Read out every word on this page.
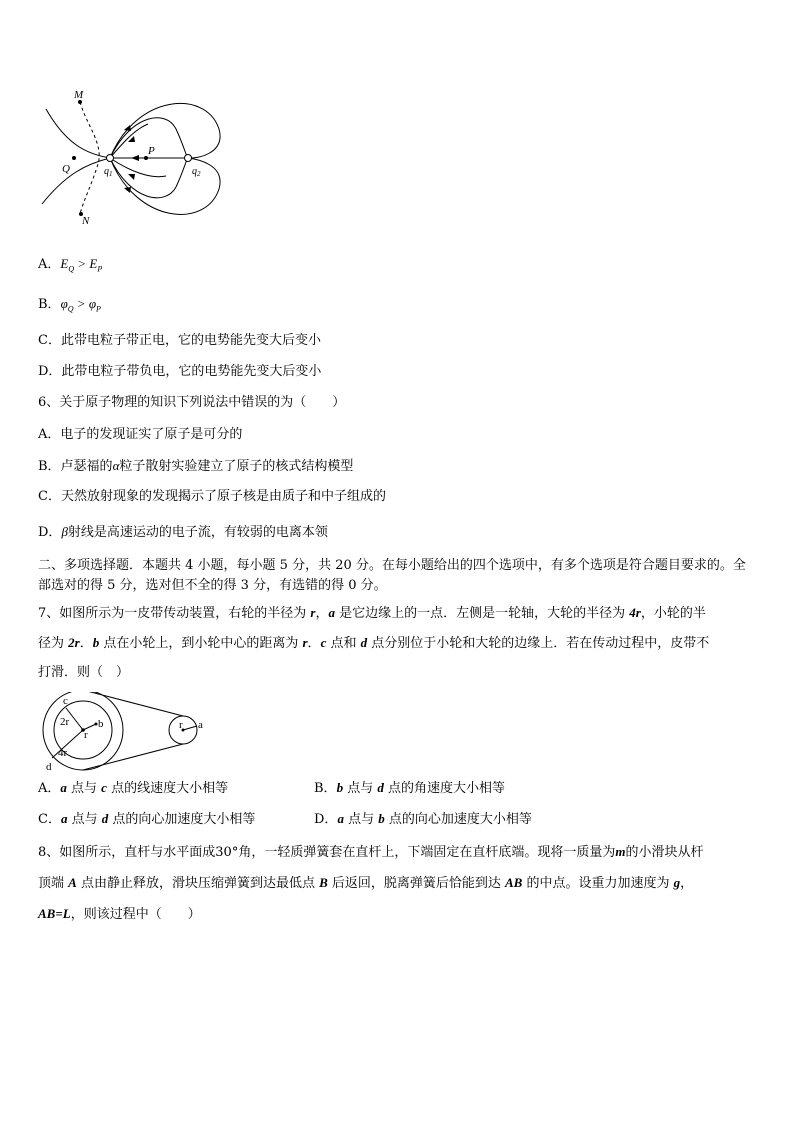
M
Q
P
N
$q_1$	$q_2$
A．$E_Q > E_P$
B．$\varphi_Q > \varphi_P$
C．此带电粒子带正电，它的电势能先变大后变小
D．此带电粒子带负电，它的电势能先变大后变小
6、关于原子物理的知识下列说法中错误的为（　　）
A．电子的发现证实了原子是可分的
B．卢瑟福的α粒子散射实验建立了原子的核式结构模型
C．天然放射现象的发现揭示了原子核是由质子和中子组成的
D．β射线是高速运动的电子流，有较弱的电离本领
二、多项选择题．本题共 4 小题，每小题 5 分，共 20 分。在每小题给出的四个选项中，有多个选项是符合题目要求的。全部选对的得 5 分，选对但不全的得 3 分，有选错的得 0 分。
7、如图所示为一皮带传动装置，右轮的半径为 r，a 是它边缘上的一点．左侧是一轮轴，大轮的半径为 4r，小轮的半
径为 2r．b 点在小轮上，到小轮中心的距离为 r．c 点和 d 点分别位于小轮和大轮的边缘上．若在传动过程中，皮带不
打滑．则（　）
c
2r
r
b
4r
d
r a
A．a 点与 c 点的线速度大小相等	B．b 点与 d 点的角速度大小相等
C．a 点与 d 点的向心加速度大小相等	D．a 点与 b 点的向心加速度大小相等
8、如图所示，直杆与水平面成30°角，一轻质弹簧套在直杆上，下端固定在直杆底端。现将一质量为m的小滑块从杆
顶端 A 点由静止释放，滑块压缩弹簧到达最低点 B 后返回，脱离弹簧后恰能到达 AB 的中点。设重力加速度为 g，
AB=L，则该过程中（　　）
